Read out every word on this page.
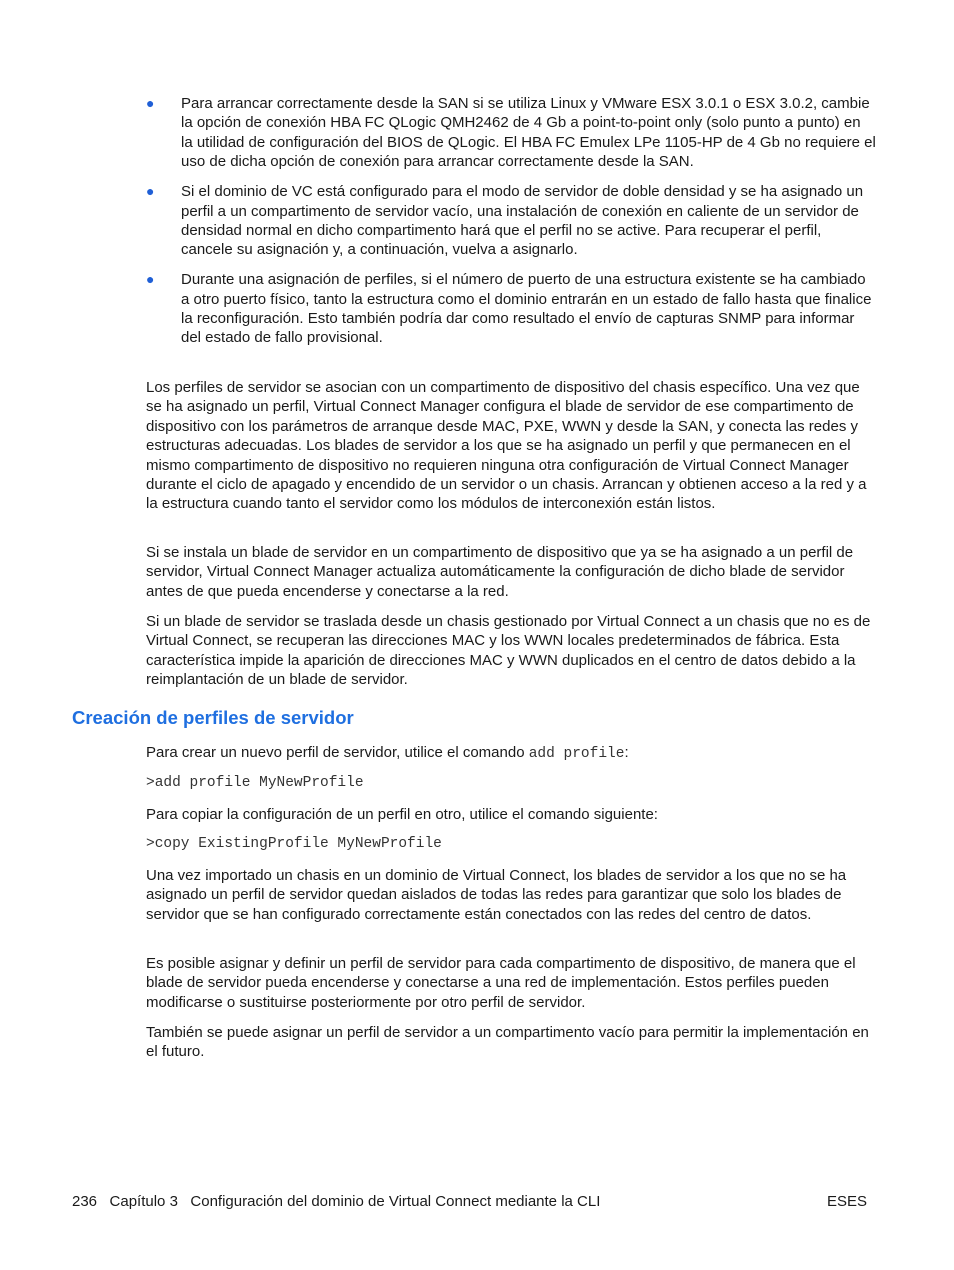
● Para arrancar correctamente desde la SAN si se utiliza Linux y VMware ESX 3.0.1 o ESX 3.0.2, cambie la opción de conexión HBA FC QLogic QMH2462 de 4 Gb a point-to-point only (solo punto a punto) en la utilidad de configuración del BIOS de QLogic. El HBA FC Emulex LPe 1105-HP de 4 Gb no requiere el uso de dicha opción de conexión para arrancar correctamente desde la SAN.
● Si el dominio de VC está configurado para el modo de servidor de doble densidad y se ha asignado un perfil a un compartimento de servidor vacío, una instalación de conexión en caliente de un servidor de densidad normal en dicho compartimento hará que el perfil no se active. Para recuperar el perfil, cancele su asignación y, a continuación, vuelva a asignarlo.
● Durante una asignación de perfiles, si el número de puerto de una estructura existente se ha cambiado a otro puerto físico, tanto la estructura como el dominio entrarán en un estado de fallo hasta que finalice la reconfiguración. Esto también podría dar como resultado el envío de capturas SNMP para informar del estado de fallo provisional.

Los perfiles de servidor se asocian con un compartimento de dispositivo del chasis específico. Una vez que se ha asignado un perfil, Virtual Connect Manager configura el blade de servidor de ese compartimento de dispositivo con los parámetros de arranque desde MAC, PXE, WWN y desde la SAN, y conecta las redes y estructuras adecuadas. Los blades de servidor a los que se ha asignado un perfil y que permanecen en el mismo compartimento de dispositivo no requieren ninguna otra configuración de Virtual Connect Manager durante el ciclo de apagado y encendido de un servidor o un chasis. Arrancan y obtienen acceso a la red y a la estructura cuando tanto el servidor como los módulos de interconexión están listos.

Si se instala un blade de servidor en un compartimento de dispositivo que ya se ha asignado a un perfil de servidor, Virtual Connect Manager actualiza automáticamente la configuración de dicho blade de servidor antes de que pueda encenderse y conectarse a la red.

Si un blade de servidor se traslada desde un chasis gestionado por Virtual Connect a un chasis que no es de Virtual Connect, se recuperan las direcciones MAC y los WWN locales predeterminados de fábrica. Esta característica impide la aparición de direcciones MAC y WWN duplicados en el centro de datos debido a la reimplantación de un blade de servidor.

Creación de perfiles de servidor

Para crear un nuevo perfil de servidor, utilice el comando add profile:

>add profile MyNewProfile

Para copiar la configuración de un perfil en otro, utilice el comando siguiente:

>copy ExistingProfile MyNewProfile

Una vez importado un chasis en un dominio de Virtual Connect, los blades de servidor a los que no se ha asignado un perfil de servidor quedan aislados de todas las redes para garantizar que solo los blades de servidor que se han configurado correctamente están conectados con las redes del centro de datos.

Es posible asignar y definir un perfil de servidor para cada compartimento de dispositivo, de manera que el blade de servidor pueda encenderse y conectarse a una red de implementación. Estos perfiles pueden modificarse o sustituirse posteriormente por otro perfil de servidor.

También se puede asignar un perfil de servidor a un compartimento vacío para permitir la implementación en el futuro.

236   Capítulo 3   Configuración del dominio de Virtual Connect mediante la CLI	ESES
